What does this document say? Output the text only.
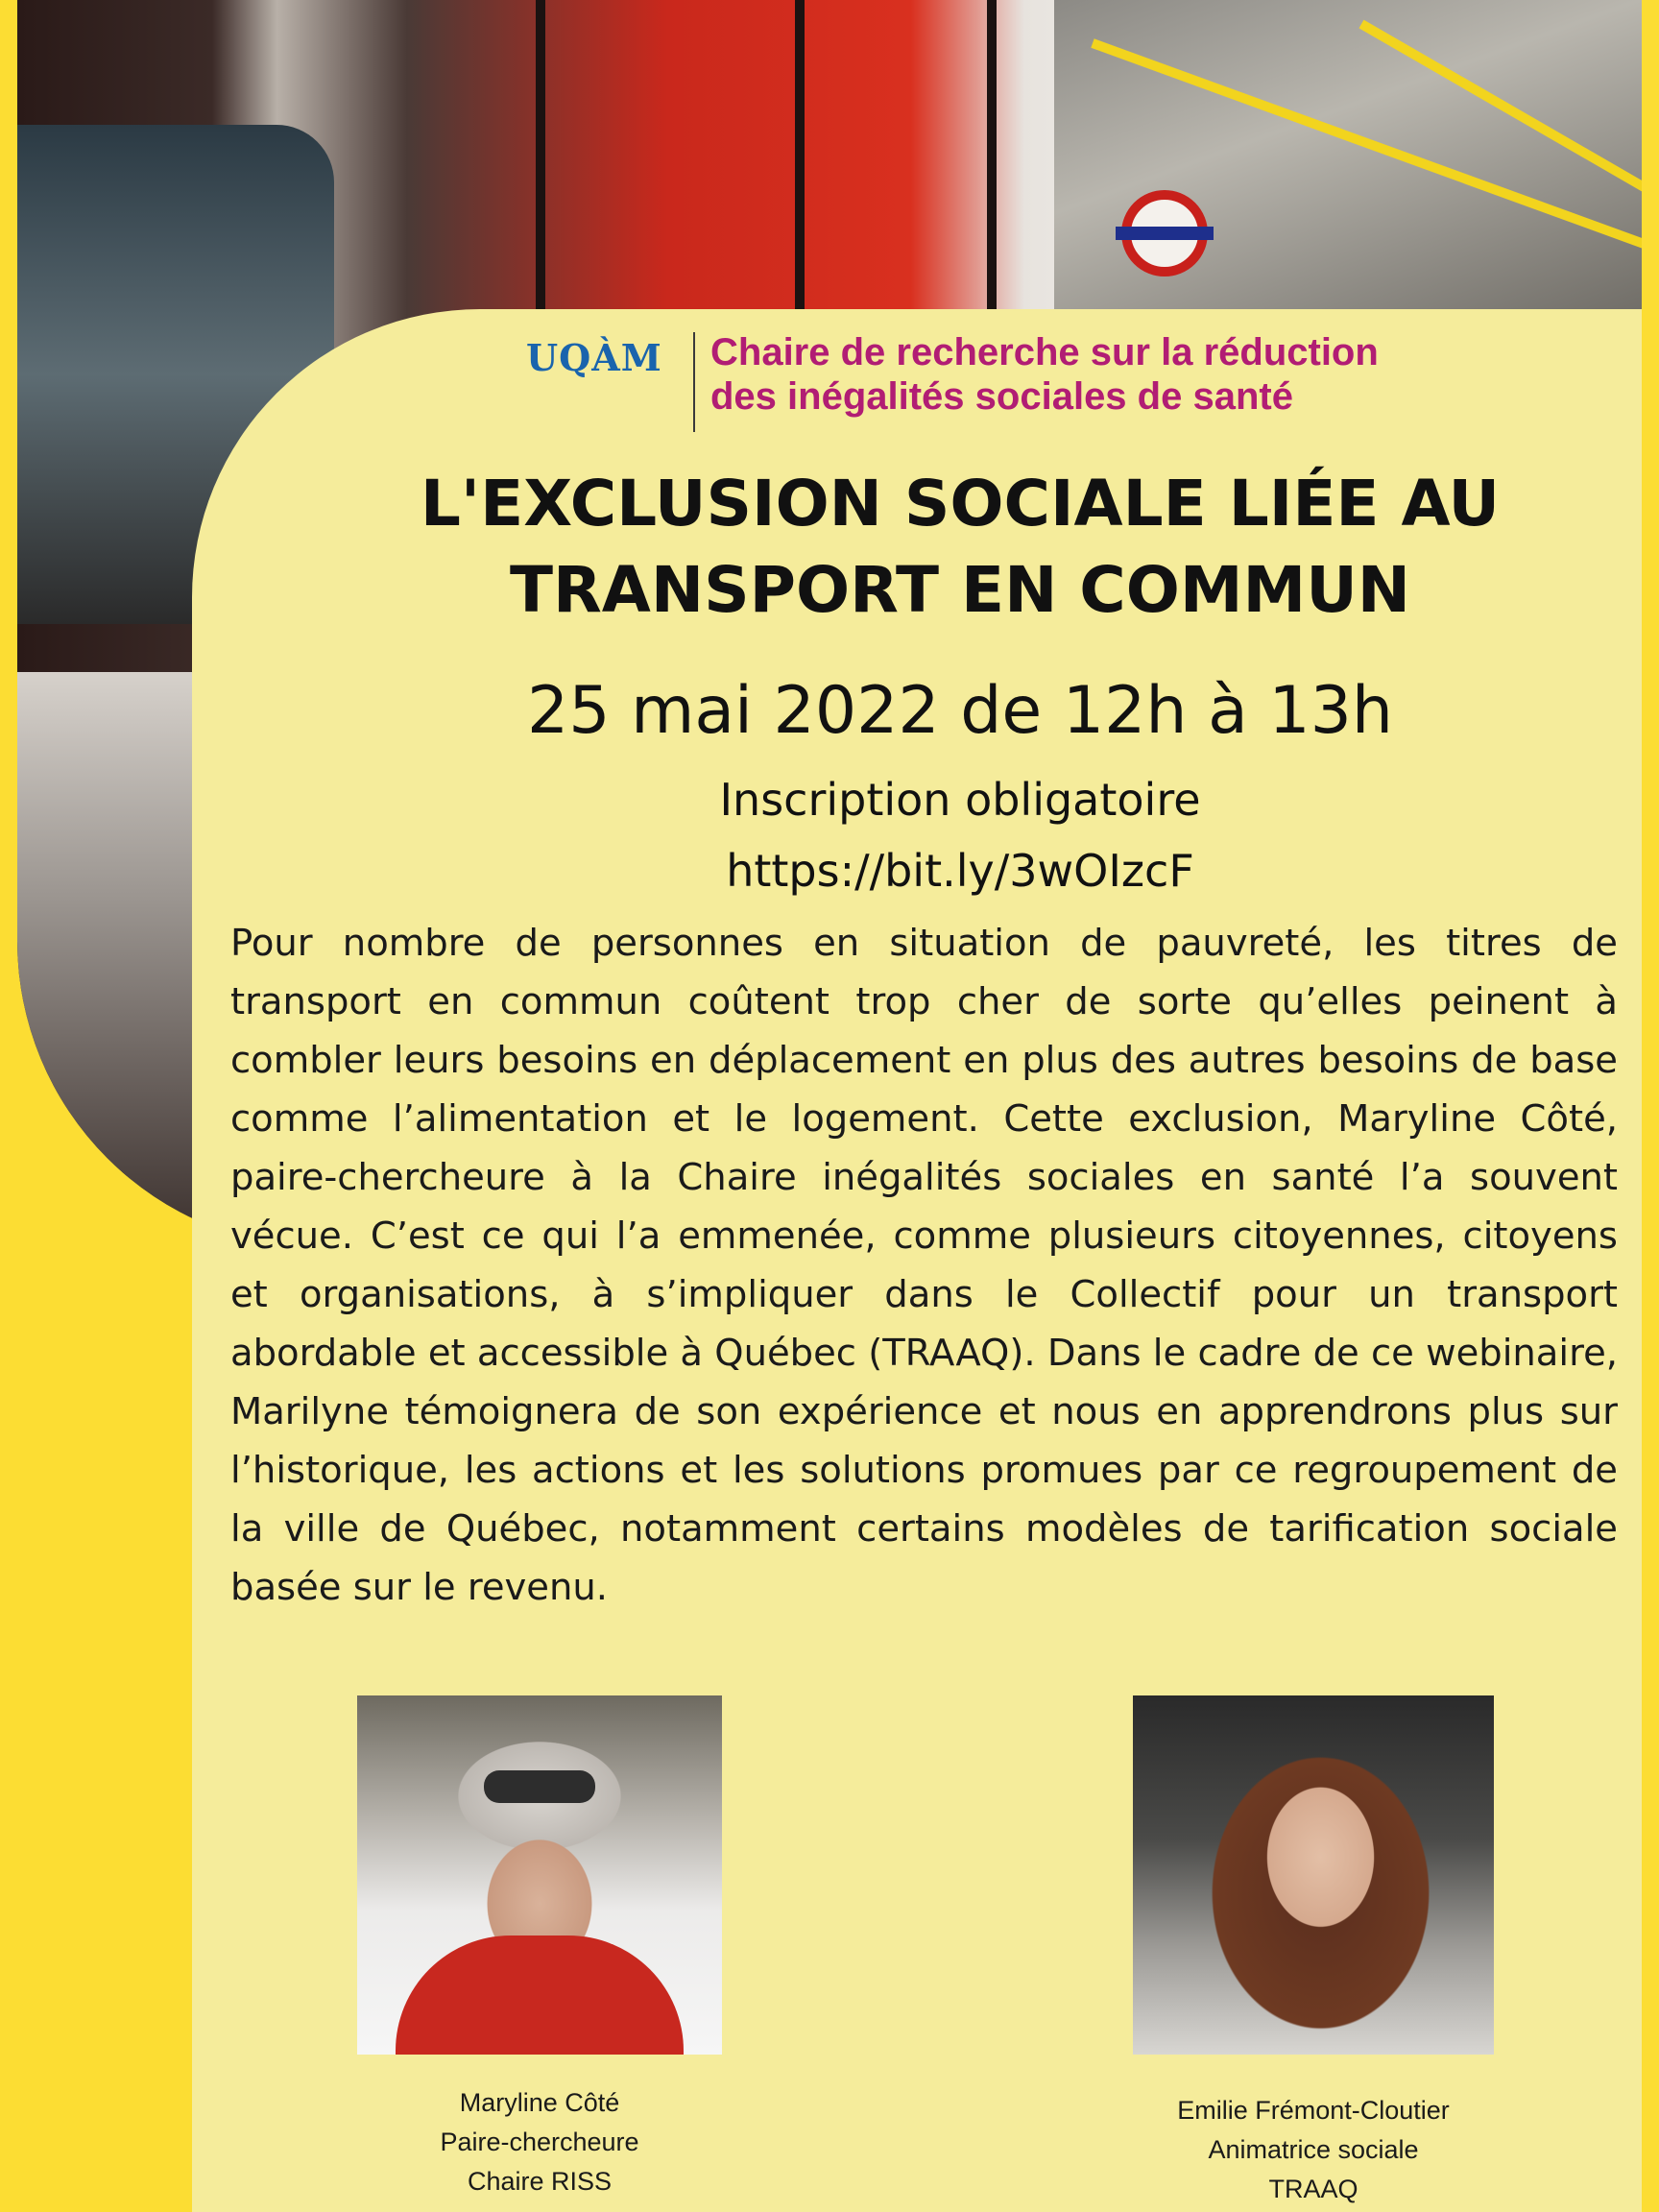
UQÀM Chaire de recherche sur la réduction
des inégalités sociales de santé
L'EXCLUSION SOCIALE LIÉE AU
TRANSPORT EN COMMUN
25 mai 2022 de 12h à 13h
Inscription obligatoire
https://bit.ly/3wOIzcF

Pour nombre de personnes en situation de pauvreté, les titres de transport en commun coûtent trop cher de sorte qu’elles peinent à combler leurs besoins en déplacement en plus des autres besoins de base comme l’alimentation et le logement. Cette exclusion, Maryline Côté, paire-chercheure à la Chaire inégalités sociales en santé l’a souvent vécue. C’est ce qui l’a emmenée, comme plusieurs citoyennes, citoyens et organisations, à s’impliquer dans le Collectif pour un transport abordable et accessible à Québec (TRAAQ). Dans le cadre de ce webinaire, Marilyne témoignera de son expérience et nous en apprendrons plus sur l’historique, les actions et les solutions promues par ce regroupement de la ville de Québec, notamment certains modèles de tarification sociale basée sur le revenu.

Maryline Côté
Paire-chercheure
Chaire RISS
Emilie Frémont-Cloutier
Animatrice sociale
TRAAQ
